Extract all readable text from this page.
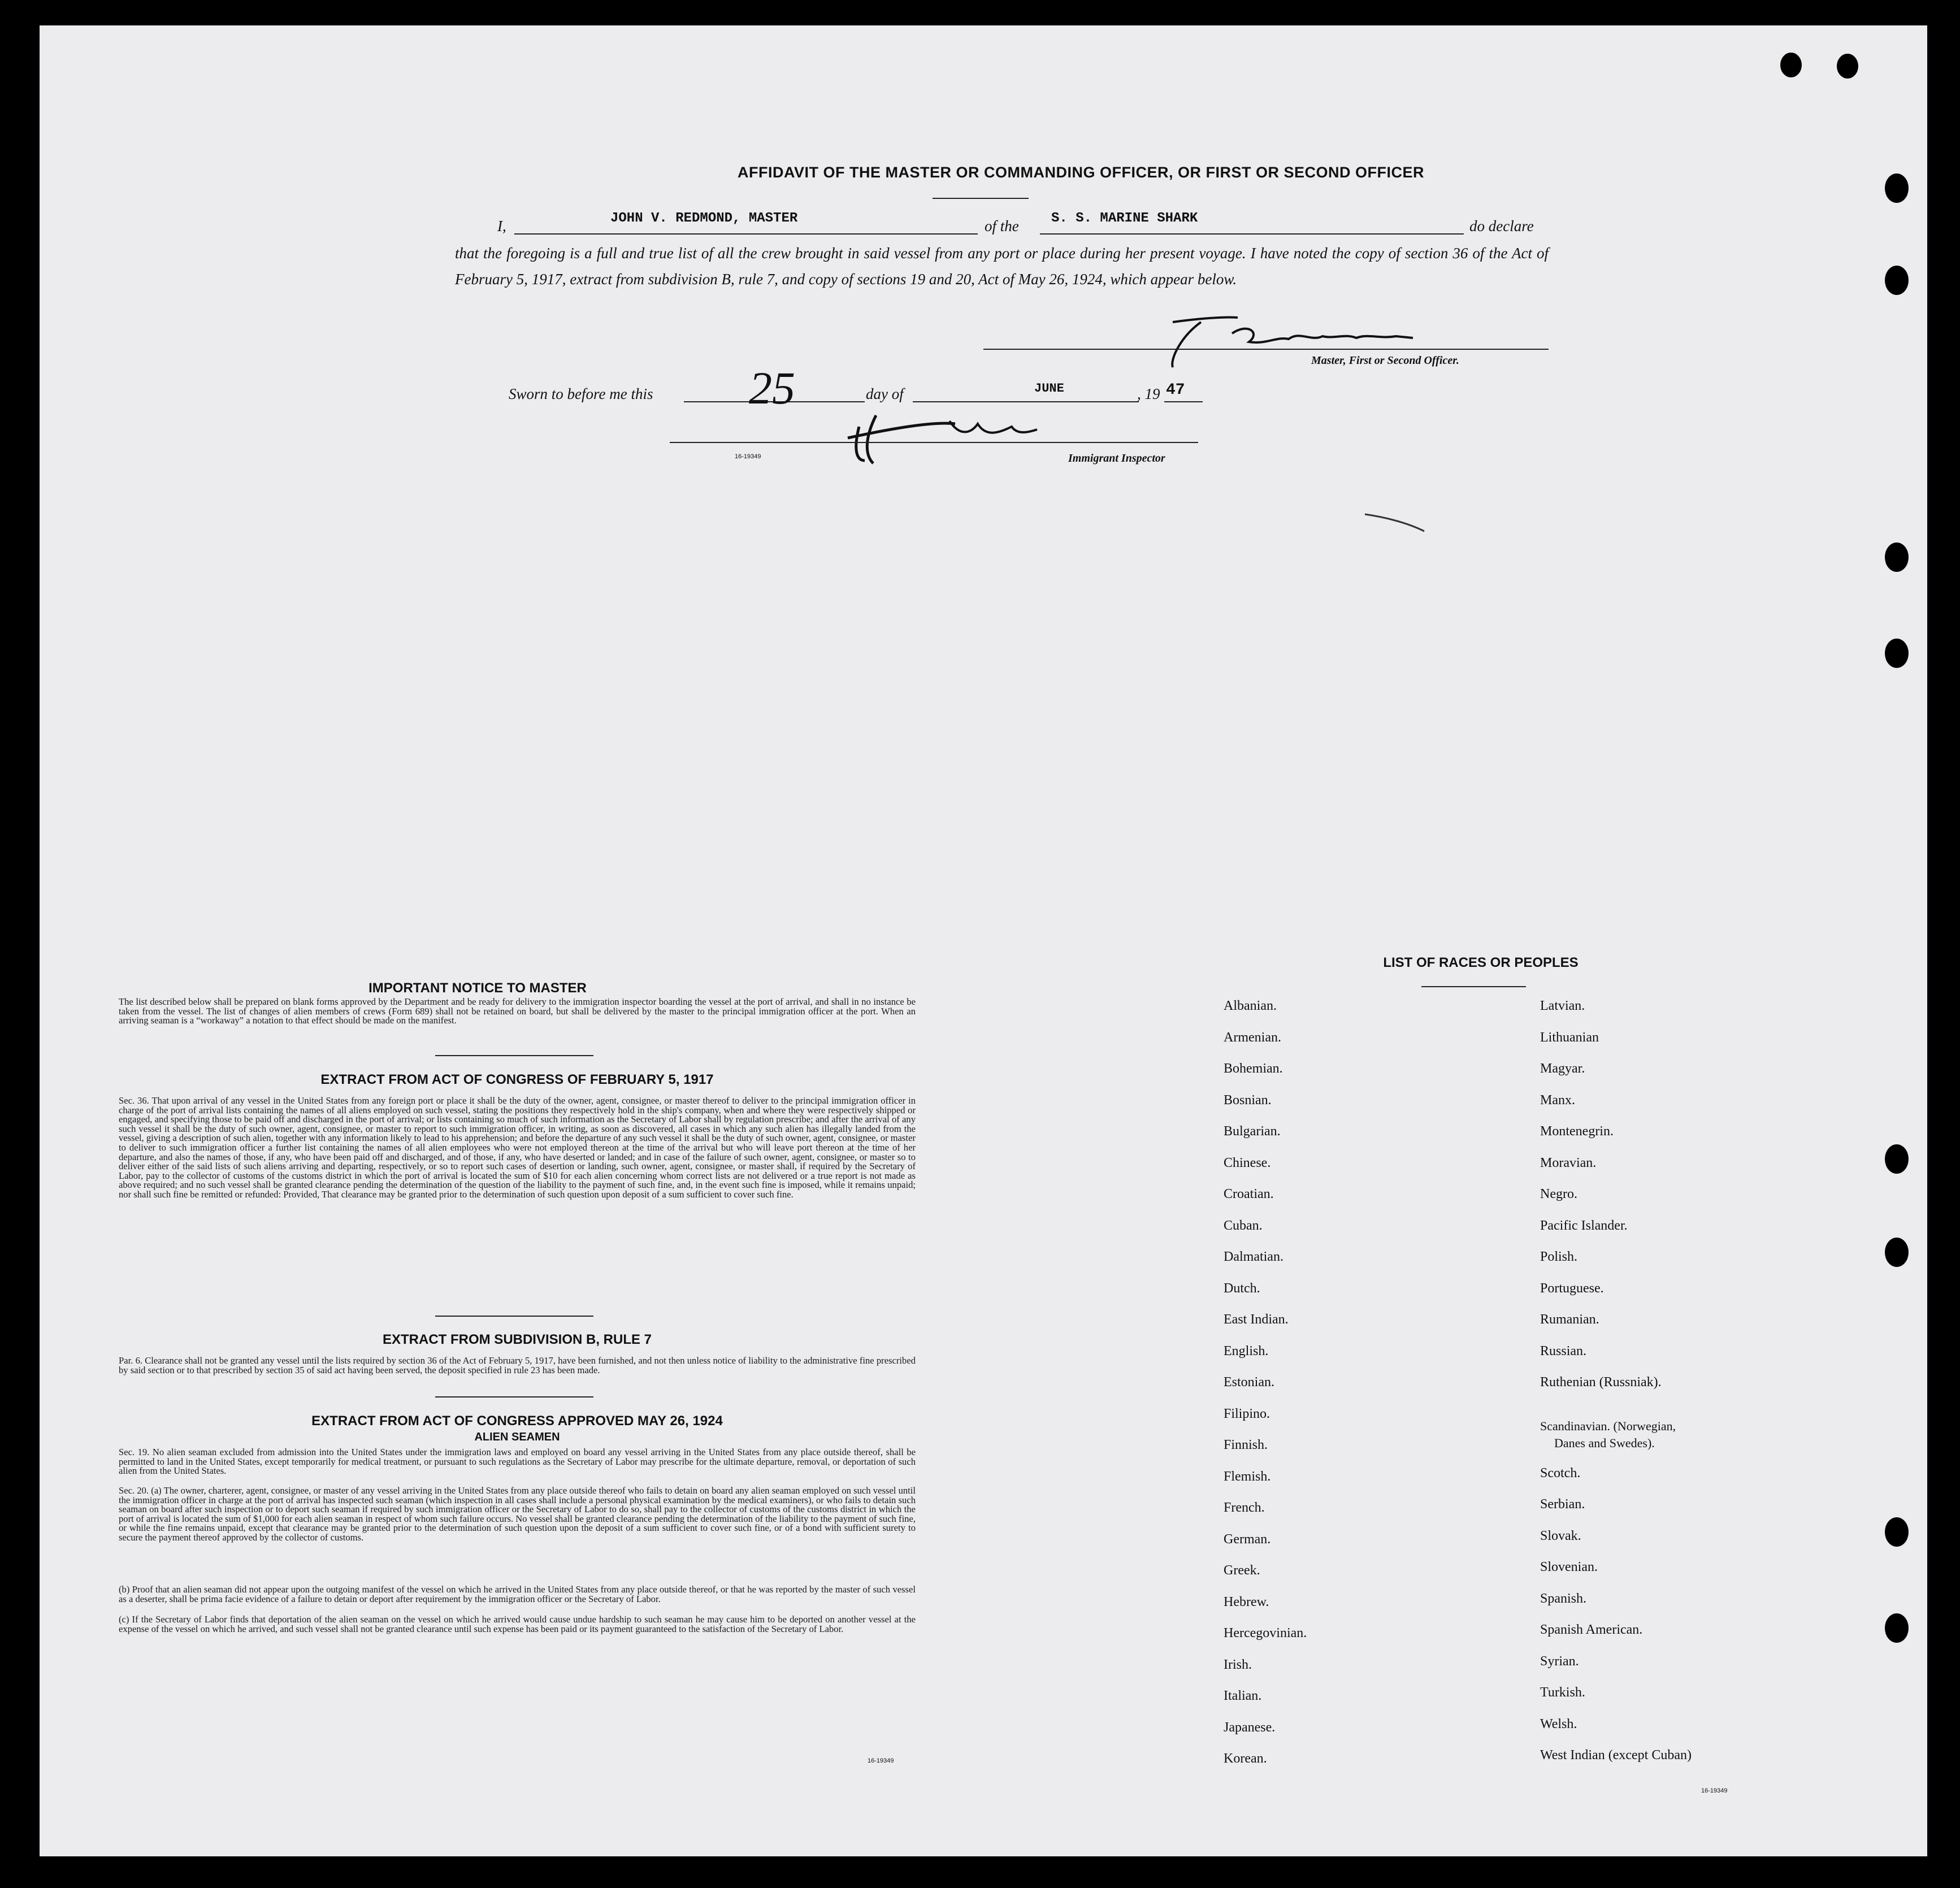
AFFIDAVIT OF THE MASTER OR COMMANDING OFFICER, OR FIRST OR SECOND OFFICER
I,	JOHN V. REDMOND, MASTER	of the S. S. MARINE SHARK	do declare
that the foregoing is a full and true list of all the crew brought in said vessel from any port or place during her present voyage. I have noted the copy of section 36 of the Act of February 5, 1917, extract from subdivision B, rule 7, and copy of sections 19 and 20, Act of May 26, 1924, which appear below.
Master, First or Second Officer.
Sworn to before me this 25	day of	JUNE	, 19 47
16-19349	Immigrant Inspector
IMPORTANT NOTICE TO MASTER
The list described below shall be prepared on blank forms approved by the Department and be ready for delivery to the immigration inspector boarding the vessel at the port of arrival, and shall in no instance be taken from the vessel. The list of changes of alien members of crews (Form 689) shall not be retained on board, but shall be delivered by the master to the principal immigration officer at the port. When an arriving seaman is a “workaway” a notation to that effect should be made on the manifest.
EXTRACT FROM ACT OF CONGRESS OF FEBRUARY 5, 1917
Sec. 36. That upon arrival of any vessel in the United States from any foreign port or place it shall be the duty of the owner, agent, consignee, or master thereof to deliver to the principal immigration officer in charge of the port of arrival lists containing the names of all aliens employed on such vessel, stating the positions they respectively hold in the ship's company, when and where they were respectively shipped or engaged, and specifying those to be paid off and discharged in the port of arrival; or lists containing so much of such information as the Secretary of Labor shall by regulation prescribe; and after the arrival of any such vessel it shall be the duty of such owner, agent, consignee, or master to report to such immigration officer, in writing, as soon as discovered, all cases in which any such alien has illegally landed from the vessel, giving a description of such alien, together with any information likely to lead to his apprehension; and before the departure of any such vessel it shall be the duty of such owner, agent, consignee, or master to deliver to such immigration officer a further list containing the names of all alien employees who were not employed thereon at the time of the arrival but who will leave port thereon at the time of her departure, and also the names of those, if any, who have been paid off and discharged, and of those, if any, who have deserted or landed; and in case of the failure of such owner, agent, consignee, or master so to deliver either of the said lists of such aliens arriving and departing, respectively, or so to report such cases of desertion or landing, such owner, agent, consignee, or master shall, if required by the Secretary of Labor, pay to the collector of customs of the customs district in which the port of arrival is located the sum of $10 for each alien concerning whom correct lists are not delivered or a true report is not made as above required; and no such vessel shall be granted clearance pending the determination of the question of the liability to the payment of such fine, and, in the event such fine is imposed, while it remains unpaid; nor shall such fine be remitted or refunded: Provided, That clearance may be granted prior to the determination of such question upon deposit of a sum sufficient to cover such fine.
EXTRACT FROM SUBDIVISION B, RULE 7
Par. 6. Clearance shall not be granted any vessel until the lists required by section 36 of the Act of February 5, 1917, have been furnished, and not then unless notice of liability to the administrative fine prescribed by said section or to that prescribed by section 35 of said act having been served, the deposit specified in rule 23 has been made.
EXTRACT FROM ACT OF CONGRESS APPROVED MAY 26, 1924
ALIEN SEAMEN
Sec. 19. No alien seaman excluded from admission into the United States under the immigration laws and employed on board any vessel arriving in the United States from any place outside thereof, shall be permitted to land in the United States, except temporarily for medical treatment, or pursuant to such regulations as the Secretary of Labor may prescribe for the ultimate departure, removal, or deportation of such alien from the United States.
Sec. 20. (a) The owner, charterer, agent, consignee, or master of any vessel arriving in the United States from any place outside thereof who fails to detain on board any alien seaman employed on such vessel until the immigration officer in charge at the port of arrival has inspected such seaman (which inspection in all cases shall include a personal physical examination by the medical examiners), or who fails to detain such seaman on board after such inspection or to deport such seaman if required by such immigration officer or the Secretary of Labor to do so, shall pay to the collector of customs of the customs district in which the port of arrival is located the sum of $1,000 for each alien seaman in respect of whom such failure occurs. No vessel shall be granted clearance pending the determination of the liability to the payment of such fine, or while the fine remains unpaid, except that clearance may be granted prior to the determination of such question upon the deposit of a sum sufficient to cover such fine, or of a bond with sufficient surety to secure the payment thereof approved by the collector of customs.
(b) Proof that an alien seaman did not appear upon the outgoing manifest of the vessel on which he arrived in the United States from any place outside thereof, or that he was reported by the master of such vessel as a deserter, shall be prima facie evidence of a failure to detain or deport after requirement by the immigration officer or the Secretary of Labor.
(c) If the Secretary of Labor finds that deportation of the alien seaman on the vessel on which he arrived would cause undue hardship to such seaman he may cause him to be deported on another vessel at the expense of the vessel on which he arrived, and such vessel shall not be granted clearance until such expense has been paid or its payment guaranteed to the satisfaction of the Secretary of Labor.
16-19349
LIST OF RACES OR PEOPLES
16-19349
Albanian.
Armenian.
Bohemian.
Bosnian.
Bulgarian.
Chinese.
Croatian.
Cuban.
Dalmatian.
Dutch.
East Indian.
English.
Estonian.
Filipino.
Finnish.
Flemish.
French.
German.
Greek.
Hebrew.
Hercegovinian.
Irish.
Italian.
Japanese.
Korean.
Latvian.
Lithuanian
Magyar.
Manx.
Montenegrin.
Moravian.
Negro.
Pacific Islander.
Polish.
Portuguese.
Rumanian.
Russian.
Ruthenian (Russniak).
Scandinavian. (Norwegian,
Danes and Swedes).
Scotch.
Serbian.
Slovak.
Slovenian.
Spanish.
Spanish American.
Syrian.
Turkish.
Welsh.
West Indian (except Cuban)
